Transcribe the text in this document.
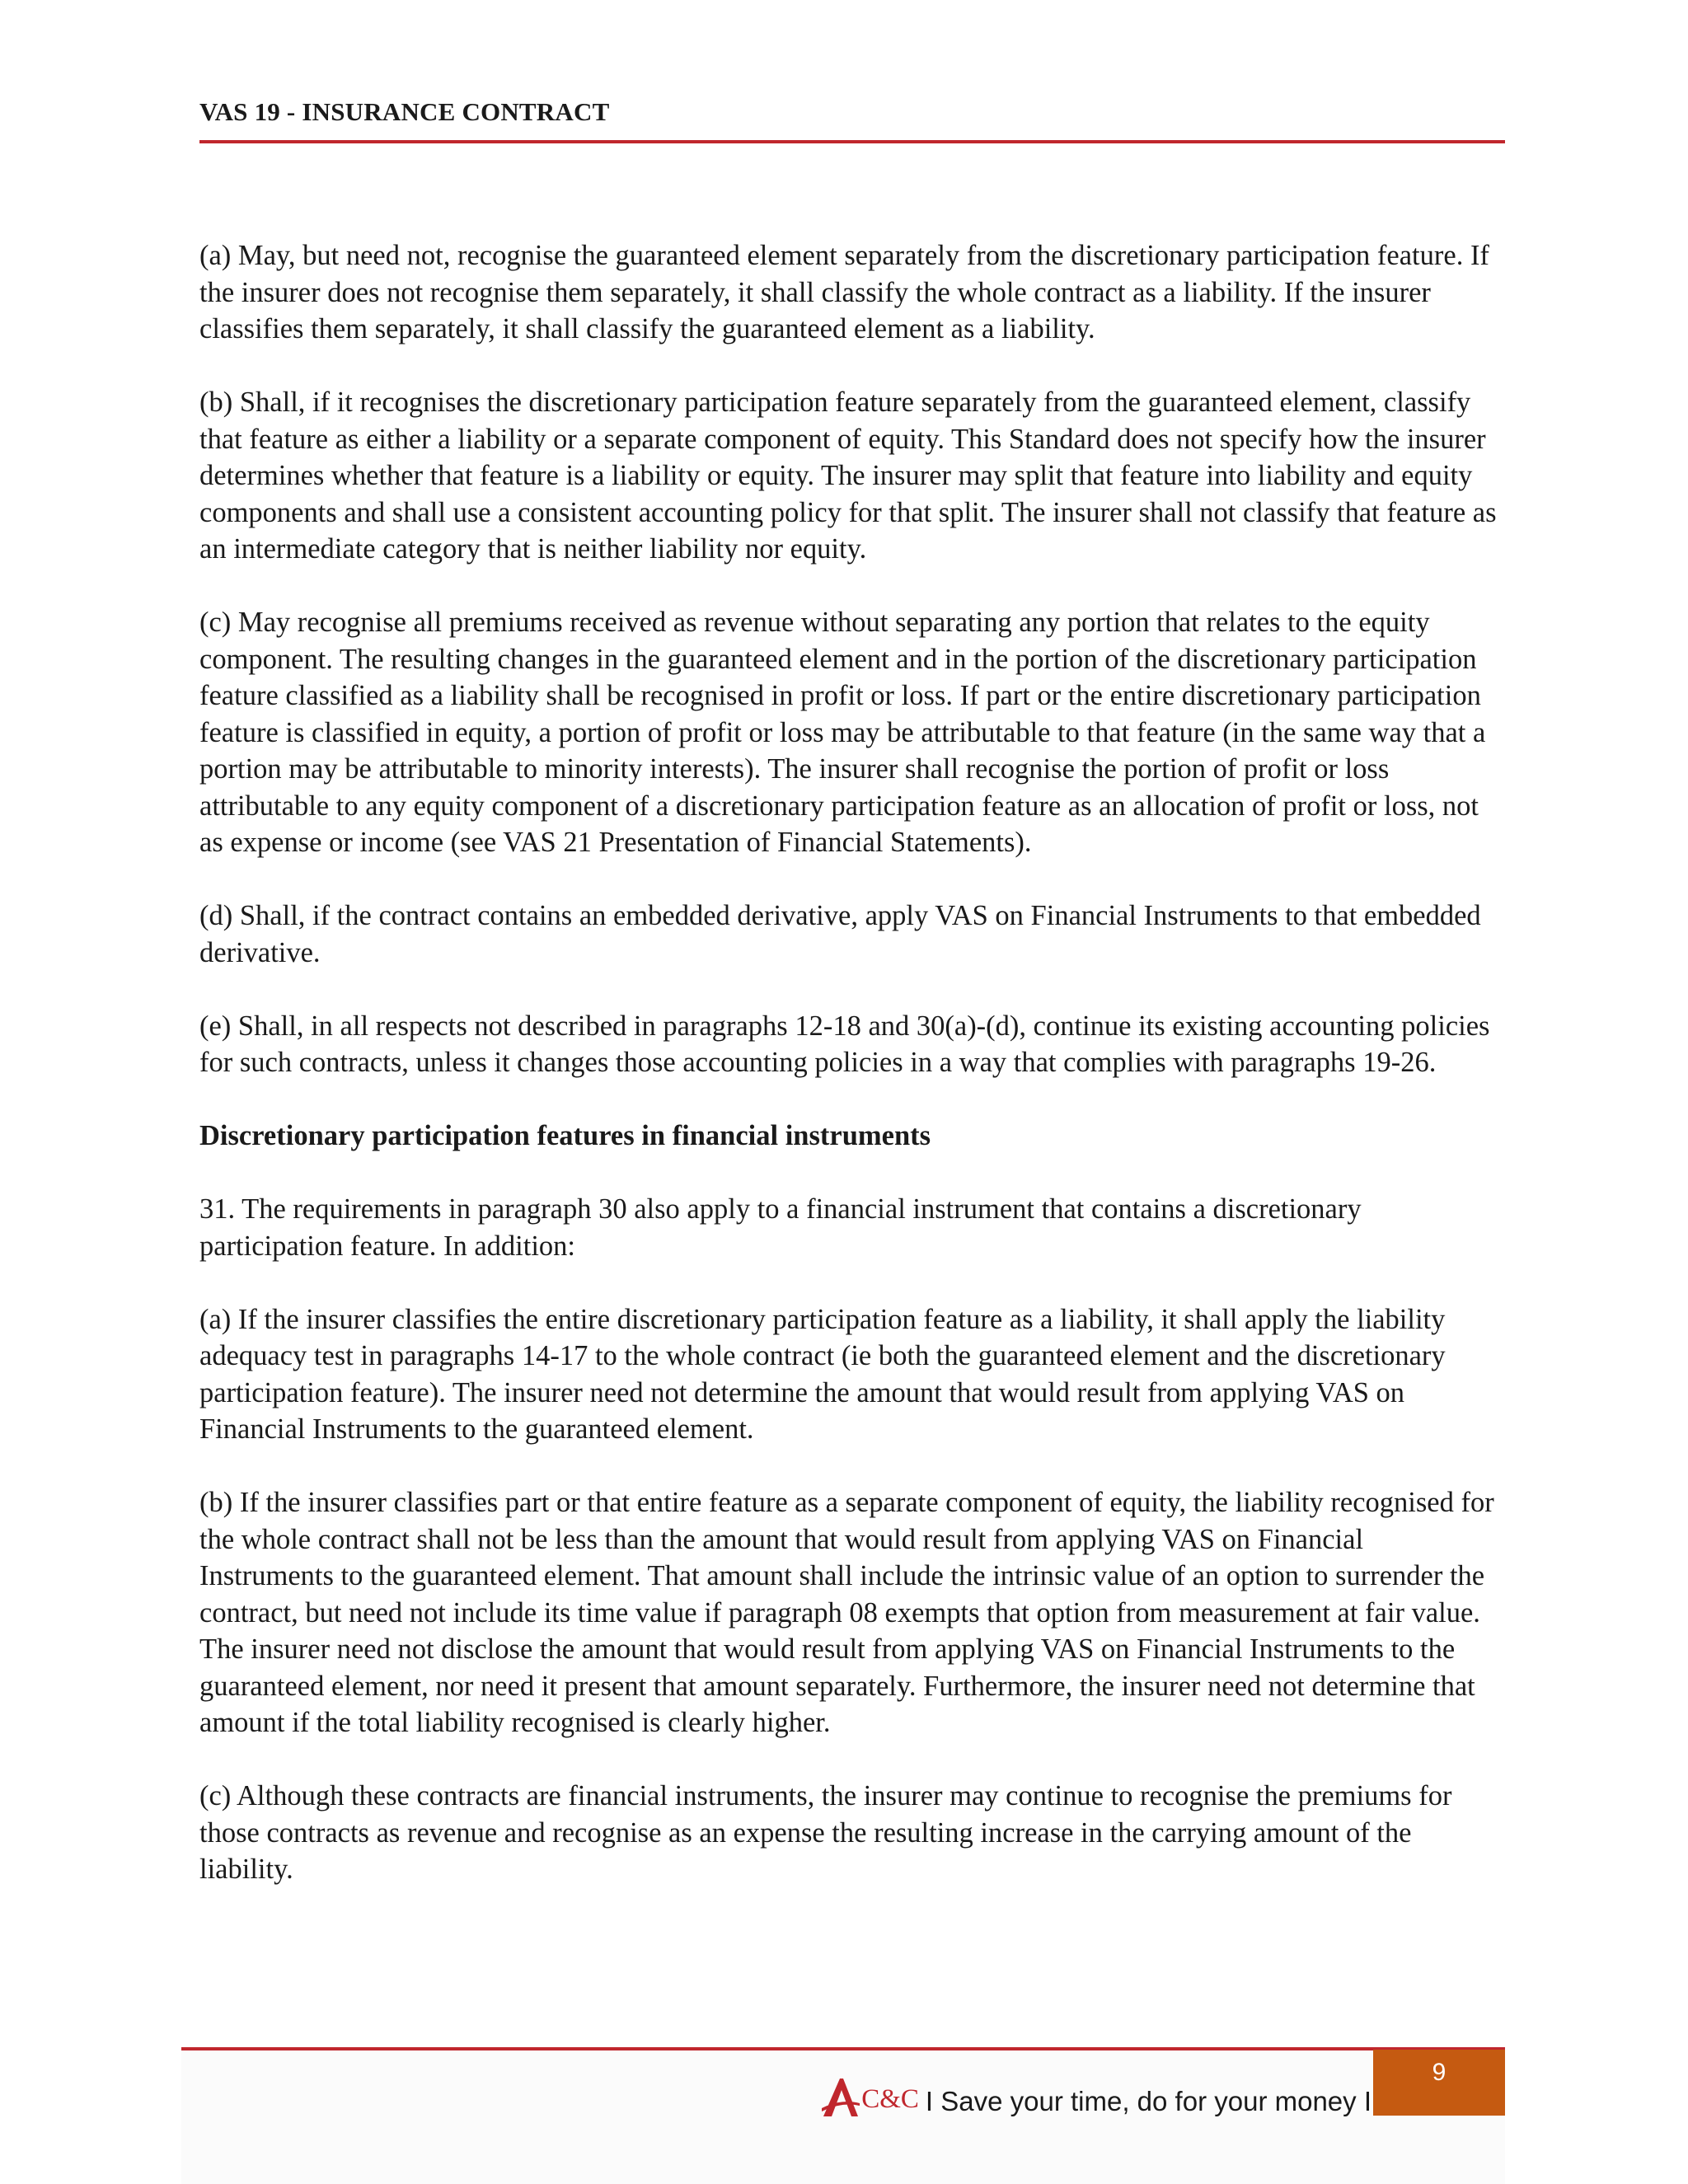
VAS 19 - INSURANCE CONTRACT

(a) May, but need not, recognise the guaranteed element separately from the discretionary participation feature. If the insurer does not recognise them separately, it shall classify the whole contract as a liability. If the insurer classifies them separately, it shall classify the guaranteed element as a liability.

(b) Shall, if it recognises the discretionary participation feature separately from the guaranteed element, classify that feature as either a liability or a separate component of equity. This Standard does not specify how the insurer determines whether that feature is a liability or equity. The insurer may split that feature into liability and equity components and shall use a consistent accounting policy for that split. The insurer shall not classify that feature as an intermediate category that is neither liability nor equity.

(c) May recognise all premiums received as revenue without separating any portion that relates to the equity component. The resulting changes in the guaranteed element and in the portion of the discretionary participation feature classified as a liability shall be recognised in profit or loss. If part or the entire discretionary participation feature is classified in equity, a portion of profit or loss may be attributable to that feature (in the same way that a portion may be attributable to minority interests). The insurer shall recognise the portion of profit or loss attributable to any equity component of a discretionary participation feature as an allocation of profit or loss, not as expense or income (see VAS 21 Presentation of Financial Statements).

(d) Shall, if the contract contains an embedded derivative, apply VAS on Financial Instruments to that embedded derivative.

(e) Shall, in all respects not described in paragraphs 12-18 and 30(a)-(d), continue its existing accounting policies for such contracts, unless it changes those accounting policies in a way that complies with paragraphs 19-26.

Discretionary participation features in financial instruments

31. The requirements in paragraph 30 also apply to a financial instrument that contains a discretionary participation feature. In addition:

(a) If the insurer classifies the entire discretionary participation feature as a liability, it shall apply the liability adequacy test in paragraphs 14-17 to the whole contract (ie both the guaranteed element and the discretionary participation feature). The insurer need not determine the amount that would result from applying VAS on Financial Instruments to the guaranteed element.

(b) If the insurer classifies part or that entire feature as a separate component of equity, the liability recognised for the whole contract shall not be less than the amount that would result from applying VAS on Financial Instruments to the guaranteed element. That amount shall include the intrinsic value of an option to surrender the contract, but need not include its time value if paragraph 08 exempts that option from measurement at fair value. The insurer need not disclose the amount that would result from applying VAS on Financial Instruments to the guaranteed element, nor need it present that amount separately. Furthermore, the insurer need not determine that amount if the total liability recognised is clearly higher.

(c) Although these contracts are financial instruments, the insurer may continue to recognise the premiums for those contracts as revenue and recognise as an expense the resulting increase in the carrying amount of the liability.

C&C I Save your time, do for your money I
9
